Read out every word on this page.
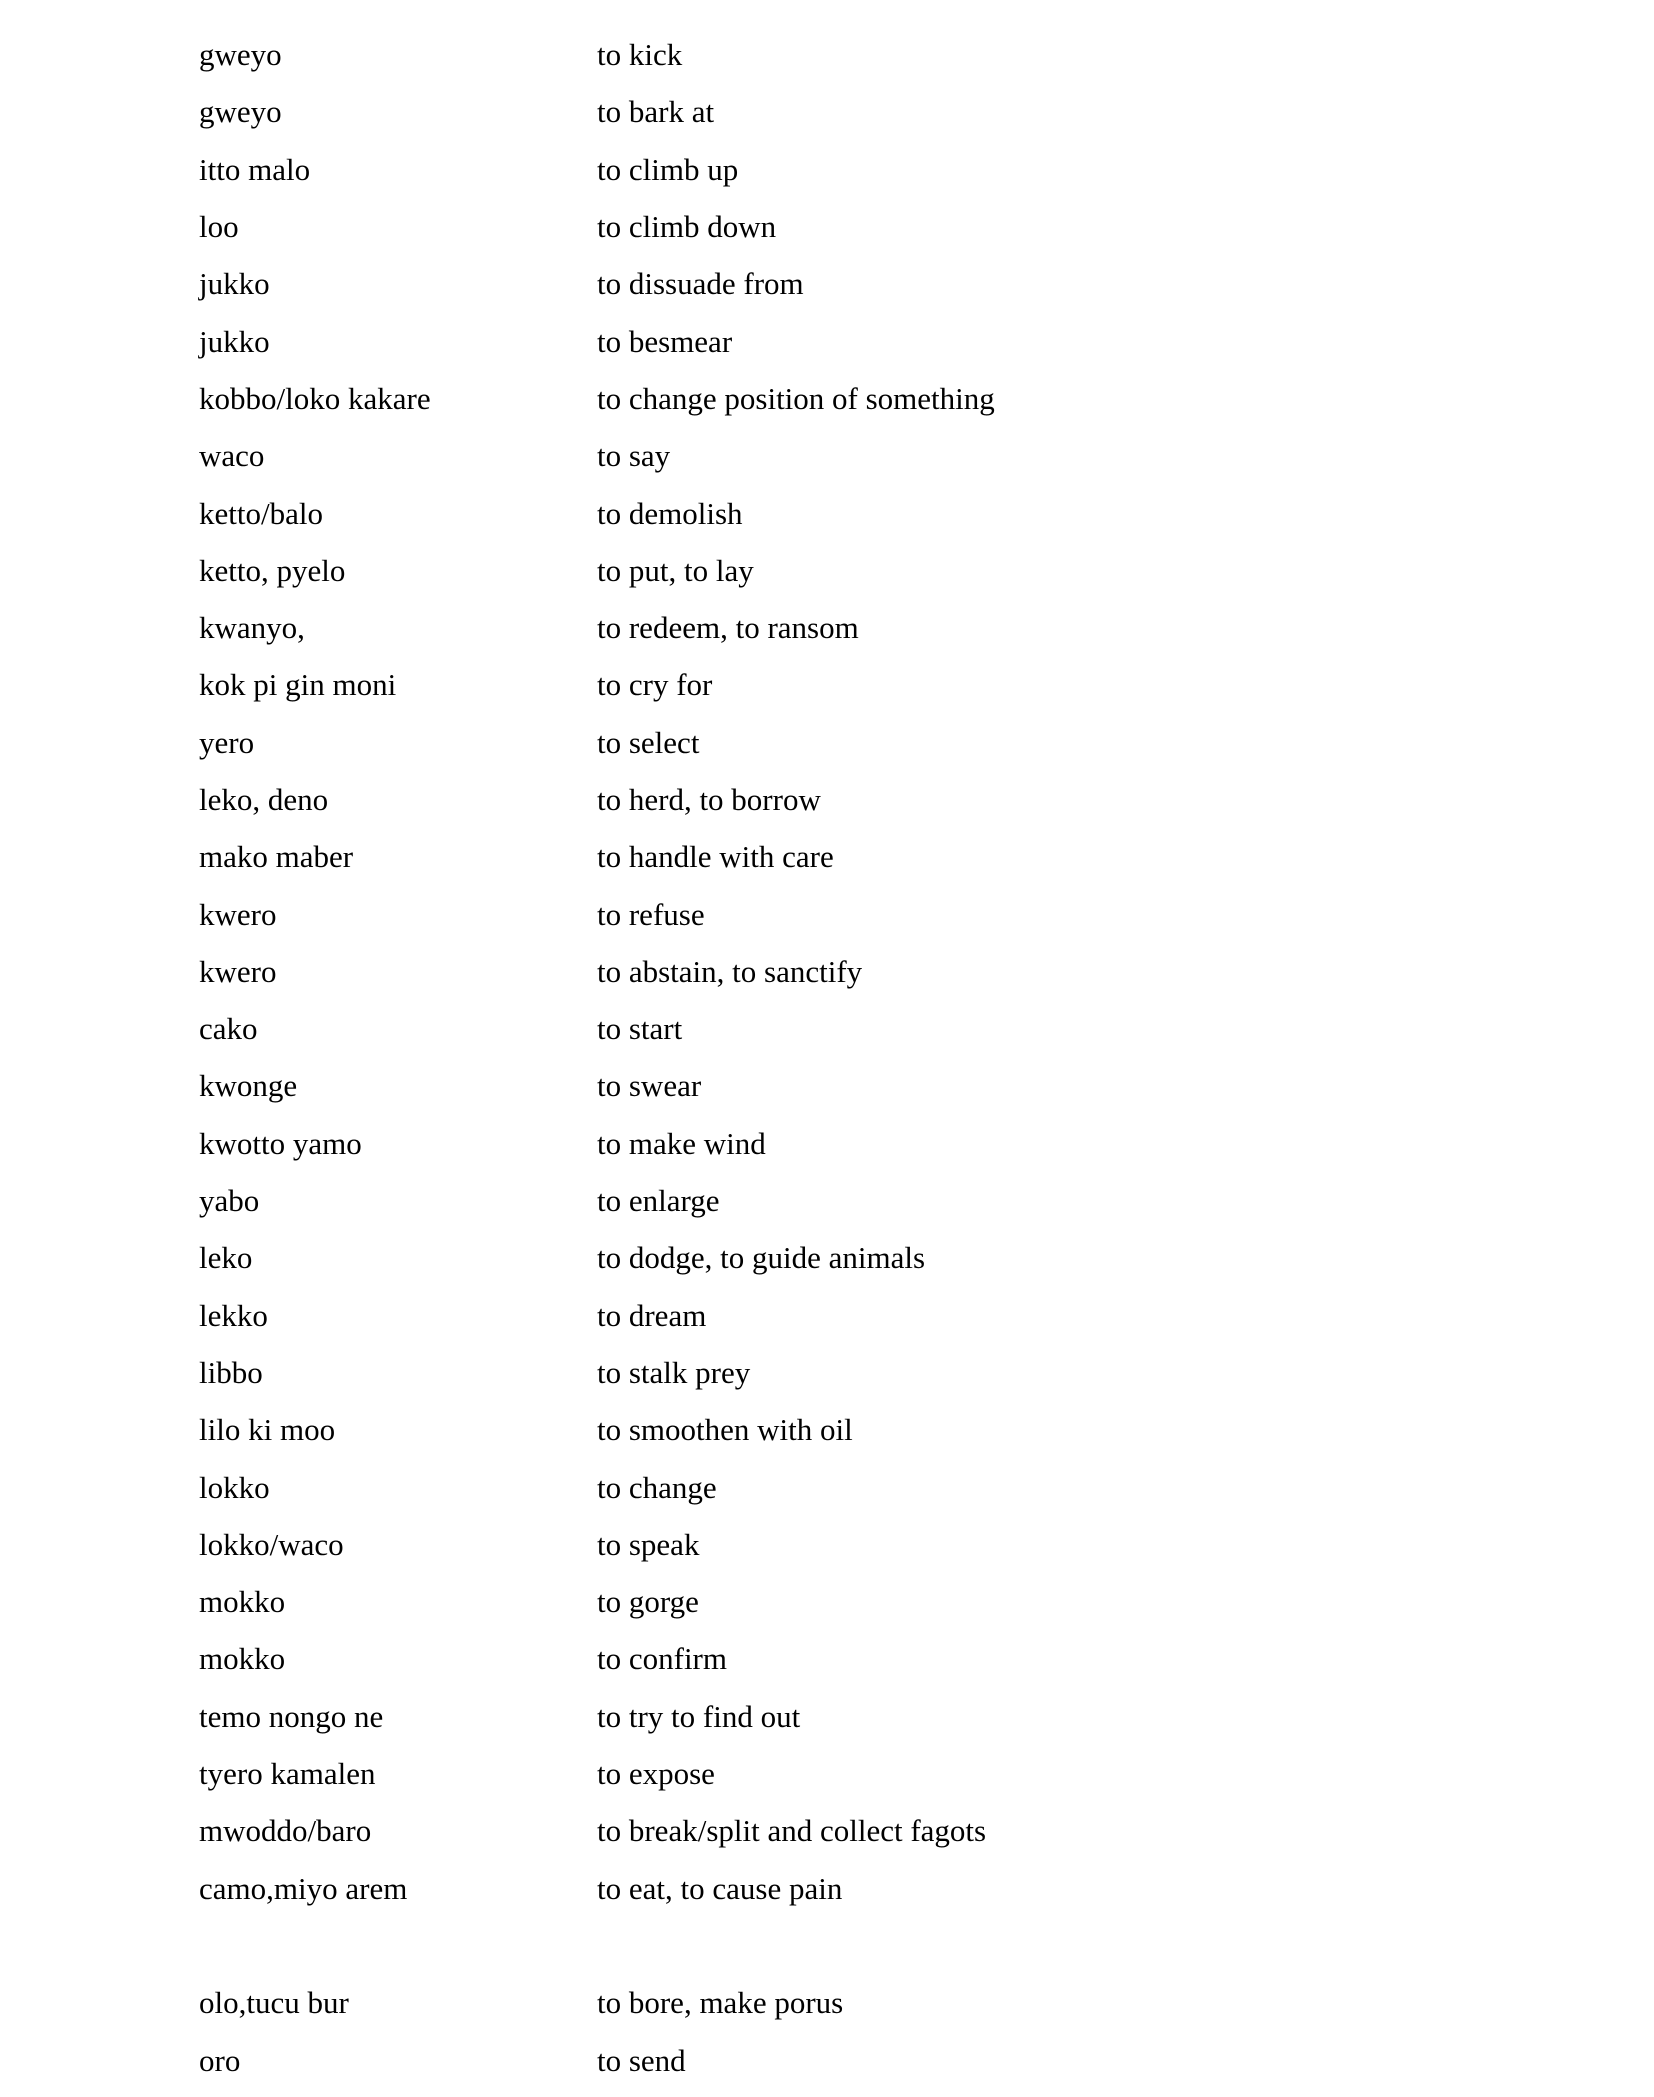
gweyo	to kick
gweyo	to bark at
itto malo	to climb up
loo	to climb down
jukko	to dissuade from
jukko	to besmear
kobbo/loko kakare	to change position of something
waco	to say
ketto/balo	to demolish
ketto, pyelo	to put, to lay
kwanyo,	to redeem, to ransom
kok pi gin moni	to cry for
yero	to select
leko, deno	to herd, to borrow
mako maber	to handle with care
kwero	to refuse
kwero	to abstain, to sanctify
cako	to start
kwonge	to swear
kwotto yamo	to make wind
yabo	to enlarge
leko	to dodge, to guide animals
lekko	to dream
libbo	to stalk prey
lilo ki moo	to smoothen with oil
lokko	to change
lokko/waco	to speak
mokko	to gorge
mokko	to confirm
temo nongo ne	to try to find out
tyero kamalen	to expose
mwoddo/baro	to break/split and collect fagots
camo,miyo arem	to eat, to cause pain
olo,tucu bur	to bore, make porus
oro	to send
